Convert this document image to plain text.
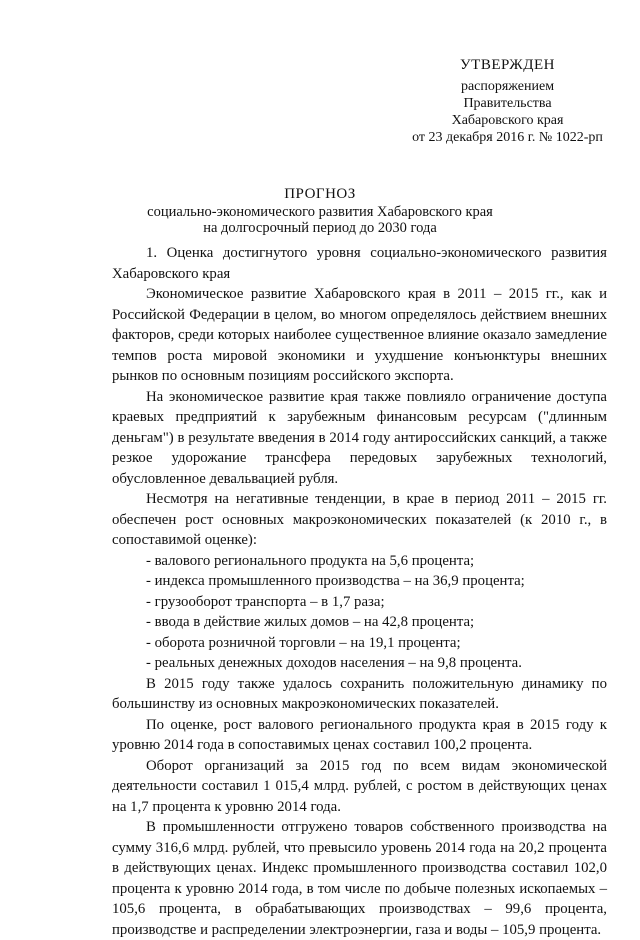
УТВЕРЖДЕН
распоряжением
Правительства
Хабаровского края
от 23 декабря 2016 г. № 1022-рп
ПРОГНОЗ
социально-экономического развития Хабаровского края
на долгосрочный период до 2030 года

1. Оценка достигнутого уровня социально-экономического развития Хабаровского края

Экономическое развитие Хабаровского края в 2011 – 2015 гг., как и Российской Федерации в целом, во многом определялось действием внешних факторов, среди которых наиболее существенное влияние оказало замедление темпов роста мировой экономики и ухудшение конъюнктуры внешних рынков по основным позициям российского экспорта.

На экономическое развитие края также повлияло ограничение доступа краевых предприятий к зарубежным финансовым ресурсам ("длинным деньгам") в результате введения в 2014 году антироссийских санкций, а также резкое удорожание трансфера передовых зарубежных технологий, обусловленное девальвацией рубля.

Несмотря на негативные тенденции, в крае в период 2011 – 2015 гг. обеспечен рост основных макроэкономических показателей (к 2010 г., в сопоставимой оценке):

- валового регионального продукта на 5,6 процента;
- индекса промышленного производства – на 36,9 процента;
- грузооборот транспорта – в 1,7 раза;
- ввода в действие жилых домов – на 42,8 процента;
- оборота розничной торговли – на 19,1 процента;
- реальных денежных доходов населения – на 9,8 процента.

В 2015 году также удалось сохранить положительную динамику по большинству из основных макроэкономических показателей.

По оценке, рост валового регионального продукта края в 2015 году к уровню 2014 года в сопоставимых ценах составил 100,2 процента.

Оборот организаций за 2015 год по всем видам экономической деятельности составил 1 015,4 млрд. рублей, с ростом в действующих ценах на 1,7 процента к уровню 2014 года.

В промышленности отгружено товаров собственного производства на сумму 316,6 млрд. рублей, что превысило уровень 2014 года на 20,2 процента в действующих ценах. Индекс промышленного производства составил 102,0 процента к уровню 2014 года, в том числе по добыче полезных ископаемых – 105,6 процента, в обрабатывающих производствах – 99,6 процента, производстве и распределении электроэнергии, газа и воды – 105,9 процента.
